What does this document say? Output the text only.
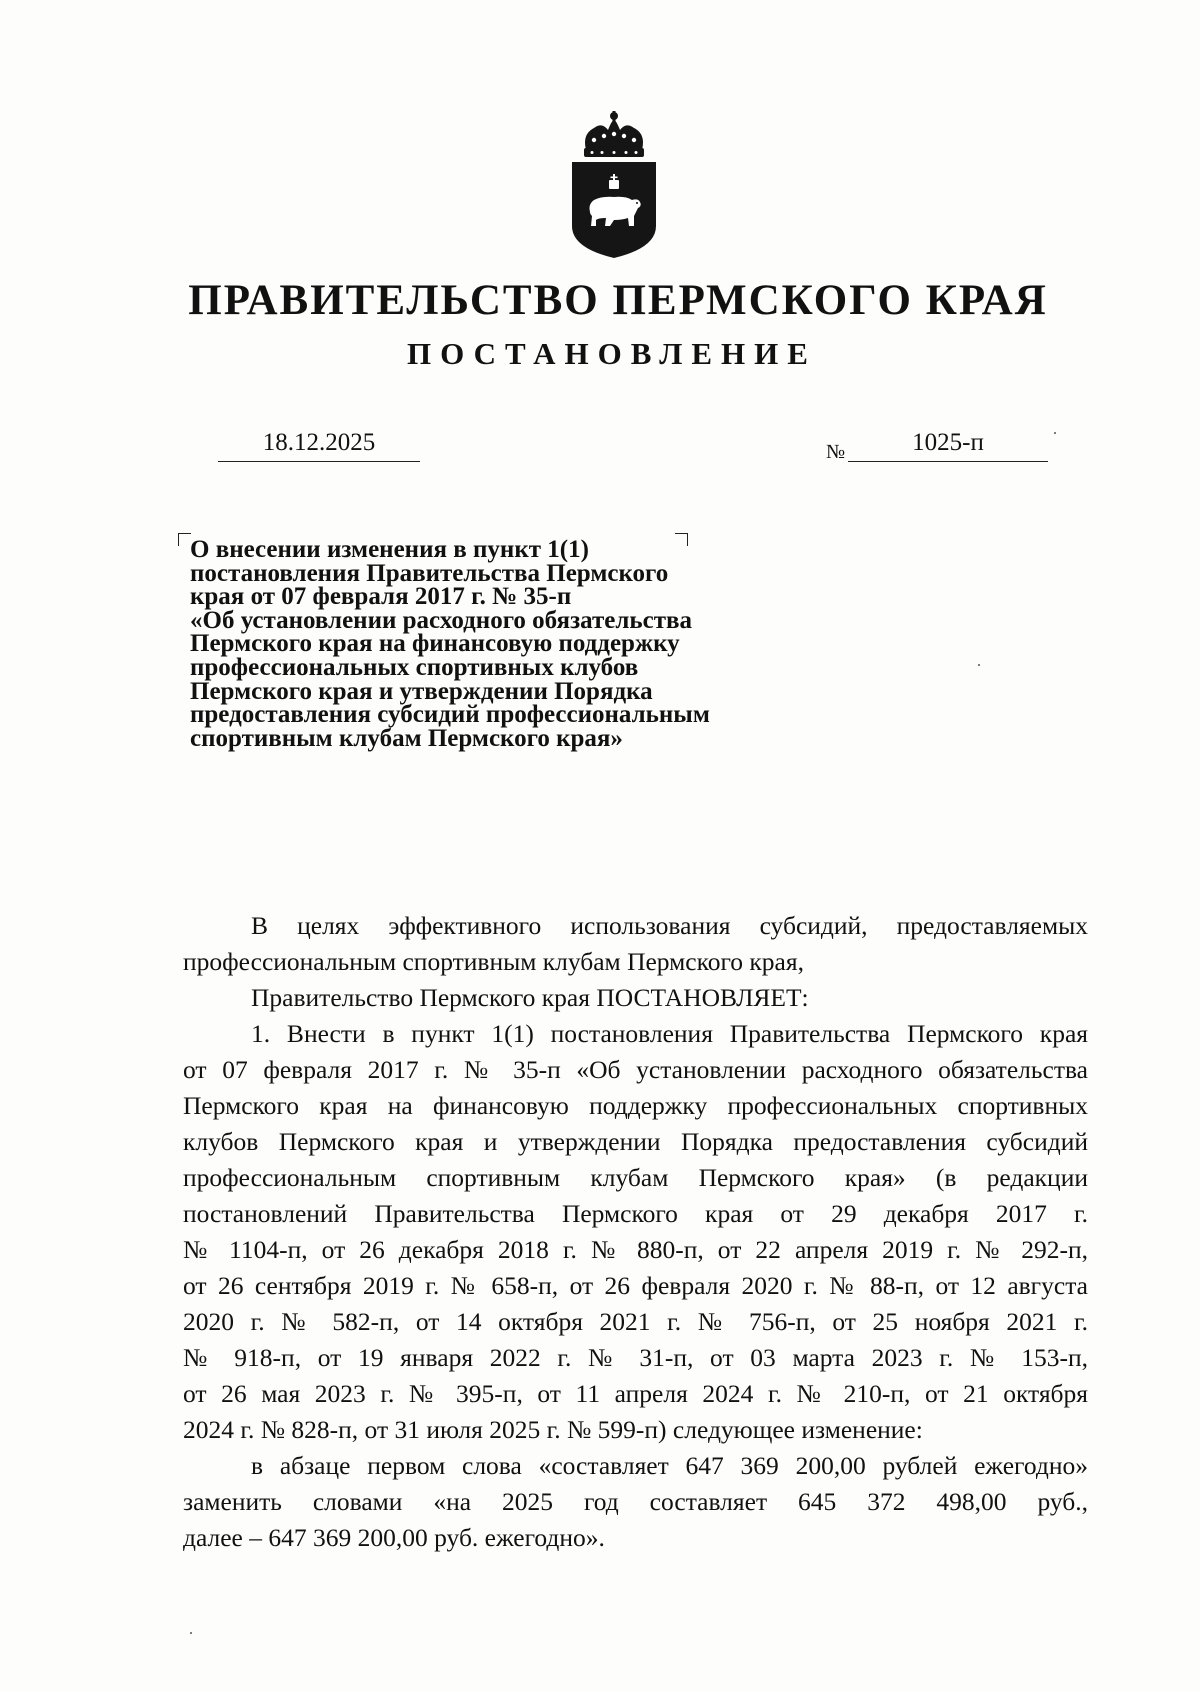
ПРАВИТЕЛЬСТВО ПЕРМСКОГО КРАЯ
ПОСТАНОВЛЕНИЕ
18.12.2025	№	1025-п
О внесении изменения в пункт 1(1)
постановления Правительства Пермского
края от 07 февраля 2017 г. № 35-п
«Об установлении расходного обязательства
Пермского края на финансовую поддержку
профессиональных спортивных клубов
Пермского края и утверждении Порядка
предоставления субсидий профессиональным
спортивным клубам Пермского края»
В целях эффективного использования субсидий, предоставляемых
профессиональным спортивным клубам Пермского края,
Правительство Пермского края ПОСТАНОВЛЯЕТ:
1. Внести в пункт 1(1) постановления Правительства Пермского края
от 07 февраля 2017 г. № 35-п «Об установлении расходного обязательства
Пермского края на финансовую поддержку профессиональных спортивных
клубов Пермского края и утверждении Порядка предоставления субсидий
профессиональным спортивным клубам Пермского края» (в редакции
постановлений Правительства Пермского края от 29 декабря 2017 г.
№ 1104-п, от 26 декабря 2018 г. № 880-п, от 22 апреля 2019 г. № 292-п,
от 26 сентября 2019 г. № 658-п, от 26 февраля 2020 г. № 88-п, от 12 августа
2020 г. № 582-п, от 14 октября 2021 г. № 756-п, от 25 ноября 2021 г.
№ 918-п, от 19 января 2022 г. № 31-п, от 03 марта 2023 г. № 153-п,
от 26 мая 2023 г. № 395-п, от 11 апреля 2024 г. № 210-п, от 21 октября
2024 г. № 828-п, от 31 июля 2025 г. № 599-п) следующее изменение:
в абзаце первом слова «составляет 647 369 200,00 рублей ежегодно»
заменить словами «на 2025 год составляет 645 372 498,00 руб.,
далее – 647 369 200,00 руб. ежегодно».
